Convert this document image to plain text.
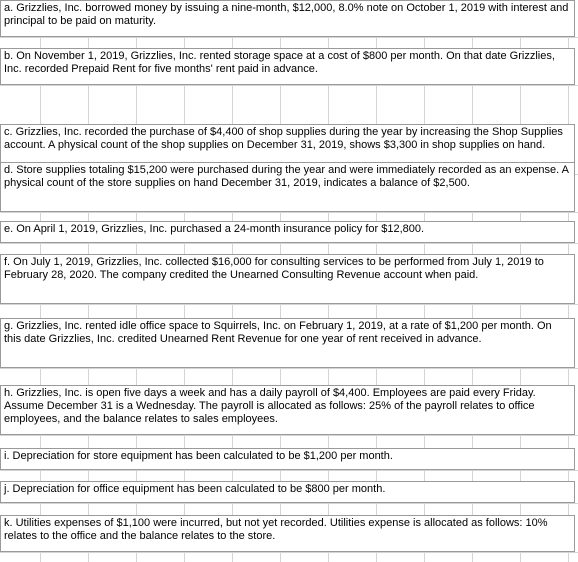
a. Grizzlies, Inc. borrowed money by issuing a nine-month, $12,000, 8.0% note on October 1, 2019 with interest and principal to be paid on maturity.
b. On November 1, 2019, Grizzlies, Inc. rented storage space at a cost of $800 per month. On that date Grizzlies, Inc. recorded Prepaid Rent for five months' rent paid in advance.
c. Grizzlies, Inc. recorded the purchase of $4,400 of shop supplies during the year by increasing the Shop Supplies account. A physical count of the shop supplies on December 31, 2019, shows $3,300 in shop supplies on hand.
d. Store supplies totaling $15,200 were purchased during the year and were immediately recorded as an expense. A physical count of the store supplies on hand December 31, 2019, indicates a balance of $2,500.
e. On April 1, 2019, Grizzlies, Inc. purchased a 24-month insurance policy for $12,800.
f. On July 1, 2019, Grizzlies, Inc. collected $16,000 for consulting services to be performed from July 1, 2019 to February 28, 2020. The company credited the Unearned Consulting Revenue account when paid.
g. Grizzlies, Inc. rented idle office space to Squirrels, Inc. on February 1, 2019, at a rate of $1,200 per month. On this date Grizzlies, Inc. credited Unearned Rent Revenue for one year of rent received in advance.
h. Grizzlies, Inc. is open five days a week and has a daily payroll of $4,400. Employees are paid every Friday. Assume December 31 is a Wednesday. The payroll is allocated as follows: 25% of the payroll relates to office employees, and the balance relates to sales employees.
i. Depreciation for store equipment has been calculated to be $1,200 per month.
j. Depreciation for office equipment has been calculated to be $800 per month.
k. Utilities expenses of $1,100 were incurred, but not yet recorded. Utilities expense is allocated as follows: 10% relates to the office and the balance relates to the store.
